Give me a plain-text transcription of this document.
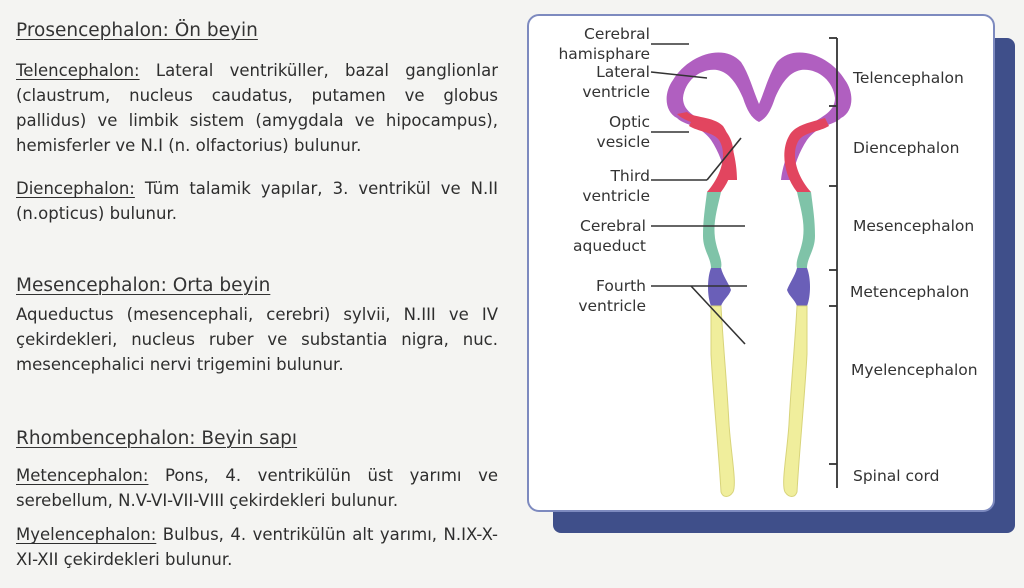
Prosencephalon: Ön beyin

Telencephalon: Lateral ventriküller, bazal ganglionlar (claustrum, nucleus caudatus, putamen ve globus pallidus) ve limbik sistem (amygdala ve hipocampus), hemisferler ve N.I (n. olfactorius) bulunur.

Diencephalon: Tüm talamik yapılar, 3. ventrikül ve N.II (n.opticus) bulunur.

Mesencephalon: Orta beyin

Aqueductus (mesencephali, cerebri) sylvii, N.III ve IV çekirdekleri, nucleus ruber ve substantia nigra, nuc. mesencephalici nervi trigemini bulunur.

Rhombencephalon: Beyin sapı

Metencephalon: Pons, 4. ventrikülün üst yarımı ve serebellum, N.V-VI-VII-VIII çekirdekleri bulunur.

Myelencephalon: Bulbus, 4. ventrikülün alt yarımı, N.IX-X-XI-XII çekirdekleri bulunur.

Cerebral
hamisphare
Lateral
ventricle
Optic
vesicle
Third
ventricle
Cerebral
aqueduct
Fourth
ventricle
Telencephalon
Diencephalon
Mesencephalon
Metencephalon
Myelencephalon
Spinal cord
